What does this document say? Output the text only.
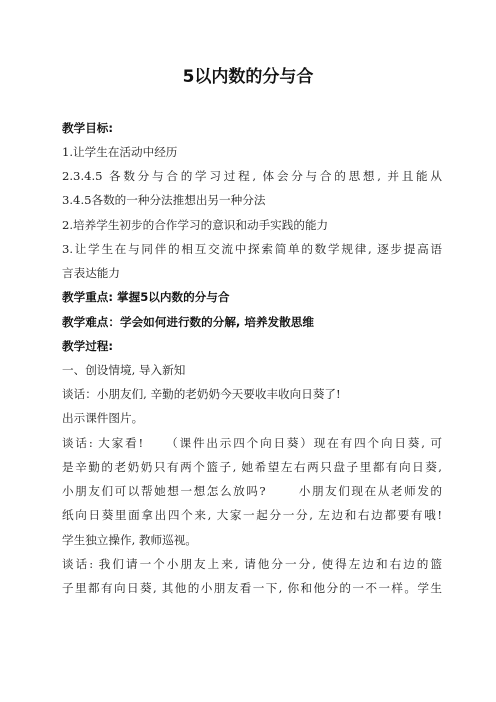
5以内数的分与合
教学目标:
1.让学生在活动中经历
2.3.4.5 各数分与合的学习过程, 体会分与合的思想, 并且能从
3.4.5各数的一种分法推想出另一种分法
2.培养学生初步的合作学习的意识和动手实践的能力
3.让学生在与同伴的相互交流中探索简单的数学规律, 逐步提高语
言表达能力
教学重点: 掌握5以内数的分与合
教学难点：学会如何进行数的分解, 培养发散思维
教学过程:
一、创设情境, 导入新知
谈话：小朋友们, 辛勤的老奶奶今天要收丰收向日葵了!
出示课件图片。
谈话: 大家看!　　（课件出示四个向日葵）现在有四个向日葵, 可
是辛勤的老奶奶只有两个篮子, 她希望左右两只盘子里都有向日葵,
小朋友们可以帮她想一想怎么放吗?　　 小朋友们现在从老师发的
纸向日葵里面拿出四个来, 大家一起分一分, 左边和右边都要有哦!
学生独立操作, 教师巡视。
谈话: 我们请一个小朋友上来, 请他分一分, 使得左边和右边的篮
子里都有向日葵, 其他的小朋友看一下, 你和他分的一不一样。学生
